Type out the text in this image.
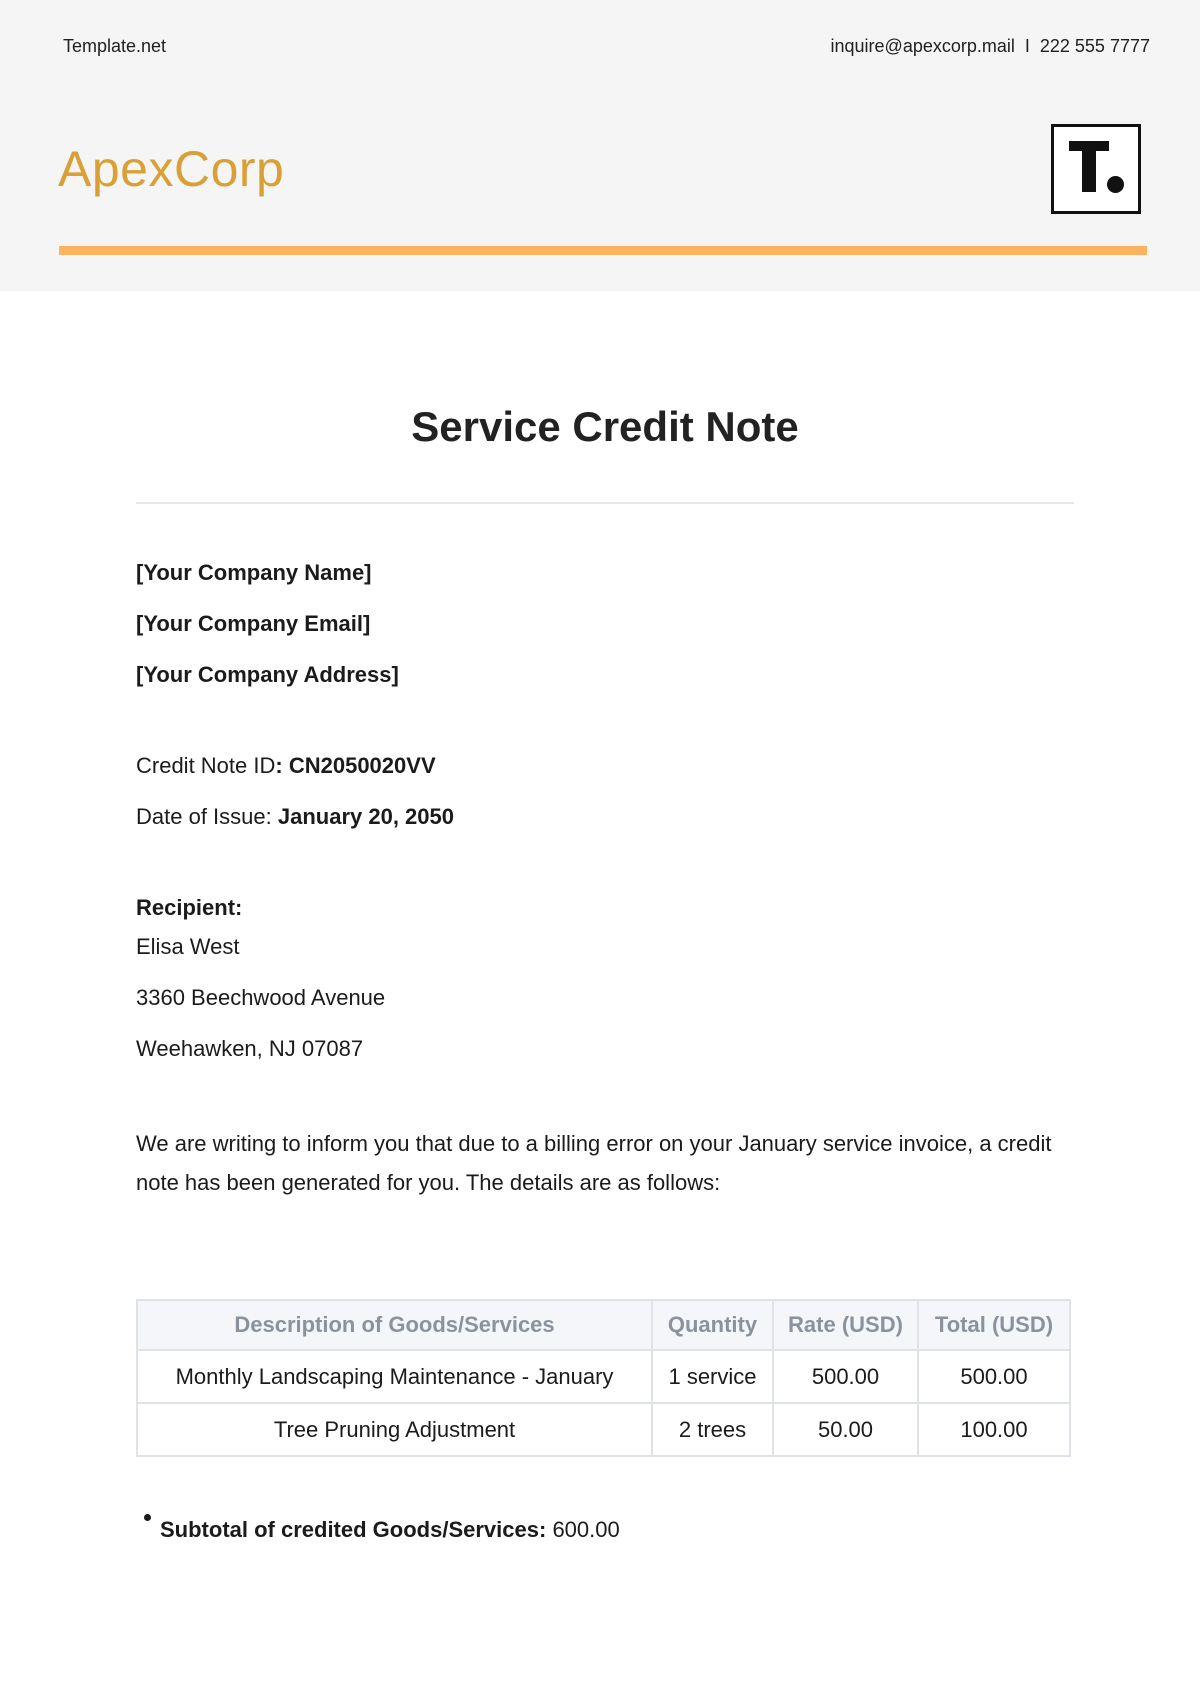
Template.net	inquire@apexcorp.mail  I  222 555 7777
ApexCorp
Service Credit Note
[Your Company Name]
[Your Company Email]
[Your Company Address]
Credit Note ID: CN2050020VV
Date of Issue: January 20, 2050
Recipient:
Elisa West
3360 Beechwood Avenue
Weehawken, NJ 07087
We are writing to inform you that due to a billing error on your January service invoice, a credit note has been generated for you. The details are as follows:
Description of Goods/Services	Quantity	Rate (USD)	Total (USD)
Monthly Landscaping Maintenance - January	1 service	500.00	500.00
Tree Pruning Adjustment	2 trees	50.00	100.00
Subtotal of credited Goods/Services: 600.00
